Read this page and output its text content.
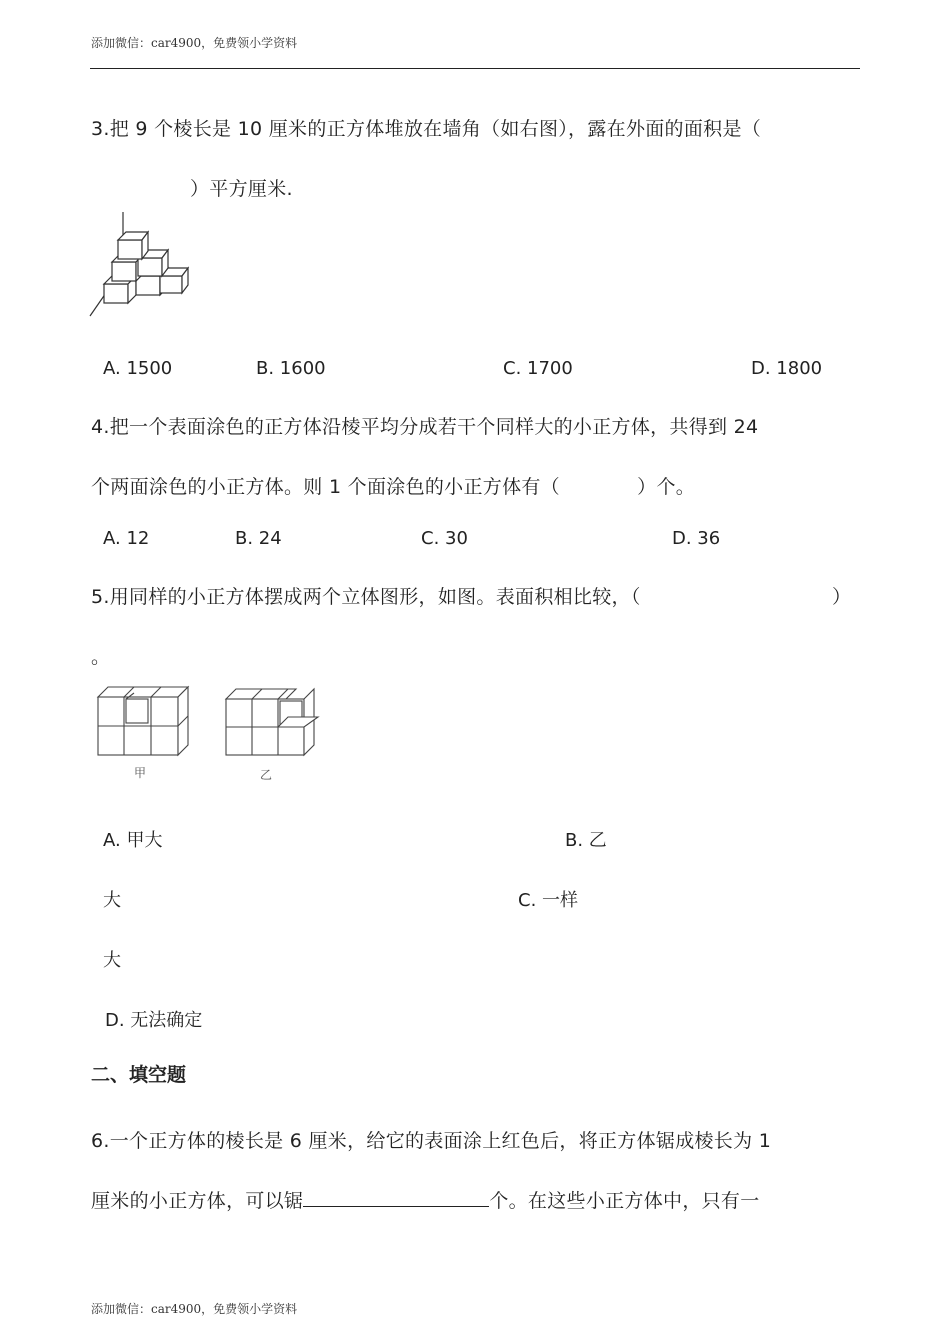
添加微信：car4900，免费领小学资料
3.把 9 个棱长是 10 厘米的正方体堆放在墙角（如右图），露在外面的面积是（
）平方厘米.
A. 1500	B. 1600	C. 1700	D. 1800
4.把一个表面涂色的正方体沿棱平均分成若干个同样大的小正方体，共得到 24
个两面涂色的小正方体。则 1 个面涂色的小正方体有（　　　　）个。
A. 12	B. 24	C. 30	D. 36
5.用同样的小正方体摆成两个立体图形，如图。表面积相比较，（	）
。
甲	乙
A. 甲大	B. 乙
大	C. 一样
大
D. 无法确定
二、填空题
6.一个正方体的棱长是 6 厘米，给它的表面涂上红色后，将正方体锯成棱长为 1
厘米的小正方体，可以锯	个。在这些小正方体中，只有一
添加微信：car4900，免费领小学资料
